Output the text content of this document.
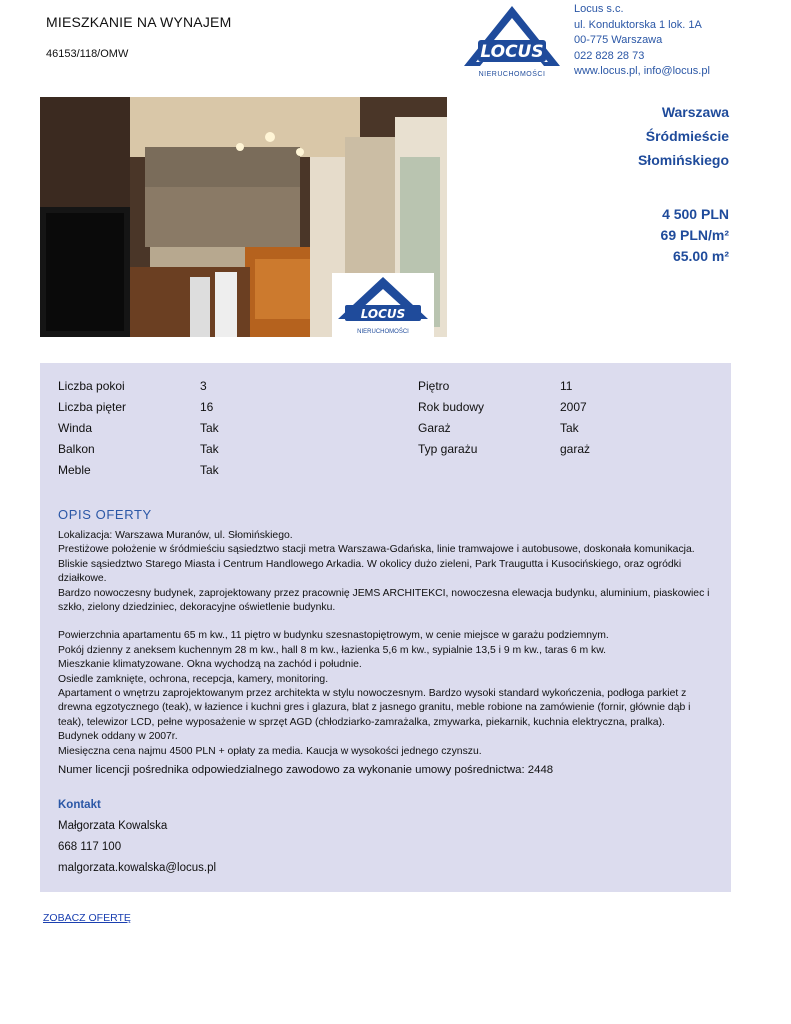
MIESZKANIE NA WYNAJEM
46153/118/OMW	LOCUS
NIERUCHOMOŚCI
Locus s.c.
ul. Konduktorska 1 lok. 1A
00-775 Warszawa
022 828 28 73
www.locus.pl, info@locus.pl
LOCUS
NIERUCHOMOŚCI
Warszawa
Śródmieście
Słomińskiego
4 500 PLN
69 PLN/m²
65.00 m²
Liczba pokoi	3	Piętro	11
Liczba pięter	16	Rok budowy	2007
Winda	Tak	Garaż	Tak
Balkon	Tak	Typ garażu	garaż
Meble	Tak
OPIS OFERTY

Lokalizacja: Warszawa Muranów, ul. Słomińskiego.

Prestiżowe położenie w śródmieściu sąsiedztwo stacji metra Warszawa-Gdańska, linie tramwajowe i autobusowe, doskonała komunikacja.

Bliskie sąsiedztwo Starego Miasta i Centrum Handlowego Arkadia. W okolicy dużo zieleni, Park Traugutta i Kusocińskiego, oraz ogródki działkowe.

Bardzo nowoczesny budynek, zaprojektowany przez pracownię JEMS ARCHITEKCI, nowoczesna elewacja budynku, aluminium, piaskowiec i szkło, zielony dziedziniec, dekoracyjne oświetlenie budynku.

Powierzchnia apartamentu 65 m kw., 11 piętro w budynku szesnastopiętrowym, w cenie miejsce w garażu podziemnym.

Pokój dzienny z aneksem kuchennym 28 m kw., hall 8 m kw., łazienka 5,6 m kw., sypialnie 13,5 i 9 m kw., taras 6 m kw.

Mieszkanie klimatyzowane. Okna wychodzą na zachód i południe.

Osiedle zamknięte, ochrona, recepcja, kamery, monitoring.

Apartament o wnętrzu zaprojektowanym przez architekta w stylu nowoczesnym. Bardzo wysoki standard wykończenia, podłoga parkiet z drewna egzotycznego (teak), w łazience i kuchni gres i glazura, blat z jasnego granitu, meble robione na zamówienie (fornir, głównie dąb i teak), telewizor LCD, pełne wyposażenie w sprzęt AGD (chłodziarko-zamrażalka, zmywarka, piekarnik, kuchnia elektryczna, pralka).

Budynek oddany w 2007r.

Miesięczna cena najmu 4500 PLN + opłaty za media. Kaucja w wysokości jednego czynszu.

Numer licencji pośrednika odpowiedzialnego zawodowo za wykonanie umowy pośrednictwa: 2448
Kontakt
Małgorzata Kowalska
668 117 100
malgorzata.kowalska@locus.pl
ZOBACZ OFERTĘ
